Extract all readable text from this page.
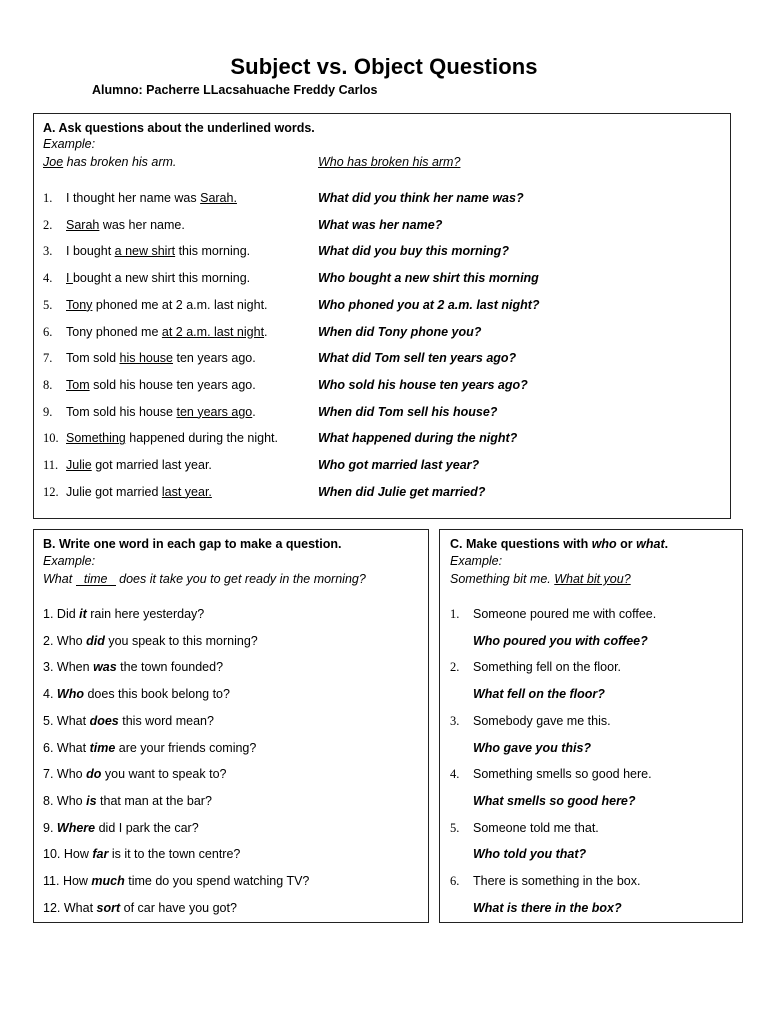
Subject vs. Object Questions
Alumno: Pacherre LLacsahuache Freddy Carlos
A. Ask questions about the underlined words.
Example:
Joe has broken his arm.	Who has broken his arm?
1. I thought her name was Sarah.	What did you think her name was?
2. Sarah was her name.	What was her name?
3. I bought a new shirt this morning.	What did you buy this morning?
4. I bought a new shirt this morning.	Who bought a new shirt this morning
5. Tony phoned me at 2 a.m. last night.	Who phoned you at 2 a.m. last night?
6. Tony phoned me at 2 a.m. last night.	When did Tony phone you?
7. Tom sold his house ten years ago.	What did Tom sell ten years ago?
8. Tom sold his house ten years ago.	Who sold his house ten years ago?
9. Tom sold his house ten years ago.	When did Tom sell his house?
10. Something happened during the night.	What happened during the night?
11. Julie got married last year.	Who got married last year?
12. Julie got married last year.	When did Julie get married?
B. Write one word in each gap to make a question.
Example:
What time does it take you to get ready in the morning?
1. Did it rain here yesterday?
2. Who did you speak to this morning?
3. When was the town founded?
4. Who does this book belong to?
5. What does this word mean?
6. What time are your friends coming?
7. Who do you want to speak to?
8. Who is that man at the bar?
9. Where did I park the car?
10. How far is it to the town centre?
11. How much time do you spend watching TV?
12. What sort of car have you got?
C. Make questions with who or what.
Example:
Something bit me. What bit you?
1. Someone poured me with coffee.
Who poured you with coffee?
2. Something fell on the floor.
What fell on the floor?
3. Somebody gave me this.
Who gave you this?
4. Something smells so good here.
What smells so good here?
5. Someone told me that.
Who told you that?
6. There is something in the box.
What is there in the box?
